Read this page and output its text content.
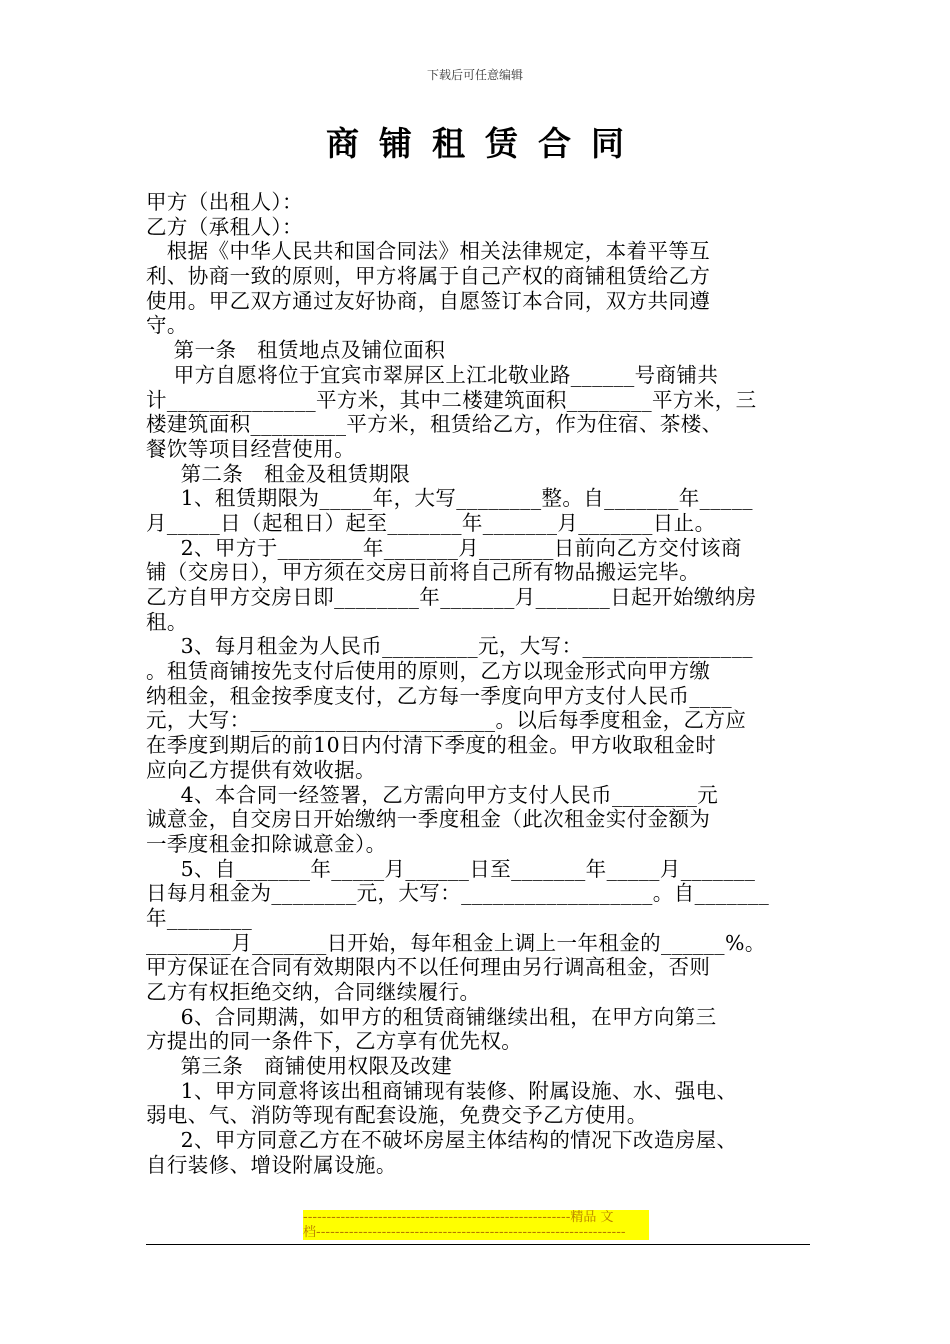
下载后可任意编辑
商铺租赁合同
甲方（出租人）：
乙方（承租人）：
根据《中华人民共和国合同法》相关法律规定，本着平等互
利、协商一致的原则，甲方将属于自己产权的商铺租赁给乙方
使用。甲乙双方通过友好协商，自愿签订本合同，双方共同遵
守。
第一条   租赁地点及铺位面积
甲方自愿将位于宜宾市翠屏区上江北敬业路______号商铺共
计______________平方米，其中二楼建筑面积________平方米，三
楼建筑面积_________平方米，租赁给乙方，作为住宿、茶楼、
餐饮等项目经营使用。
第二条   租金及租赁期限
1、租赁期限为_____年，大写________整。自_______年_____
月_____日（起租日）起至_______年_______月_______日止。
2、甲方于________年_______月_______日前向乙方交付该商
铺（交房日），甲方须在交房日前将自己所有物品搬运完毕。
乙方自甲方交房日即________年_______月_______日起开始缴纳房
租。
3、每月租金为人民币_________元，大写：________________
。租赁商铺按先支付后使用的原则，乙方以现金形式向甲方缴
纳租金，租金按季度支付，乙方每一季度向甲方支付人民币____
元，大写：_______________________。以后每季度租金，乙方应
在季度到期后的前10日内付清下季度的租金。甲方收取租金时
应向乙方提供有效收据。
4、本合同一经签署，乙方需向甲方支付人民币________元
诚意金，自交房日开始缴纳一季度租金（此次租金实付金额为
一季度租金扣除诚意金）。
5、自_______年_____月______日至_______年_____月_______
日每月租金为________元，大写：__________________。自_______
年________
________月_______日开始，每年租金上调上一年租金的______%。
甲方保证在合同有效期限内不以任何理由另行调高租金，否则
乙方有权拒绝交纳，合同继续履行。
6、合同期满，如甲方的租赁商铺继续出租，在甲方向第三
方提出的同一条件下，乙方享有优先权。
第三条   商铺使用权限及改建
1、甲方同意将该出租商铺现有装修、附属设施、水、强电、
弱电、气、消防等现有配套设施，免费交予乙方使用。
2、甲方同意乙方在不破坏房屋主体结构的情况下改造房屋、
自行装修、增设附属设施。
---------------------------------------------------------精品 文
档------------------------------------------------------------------
